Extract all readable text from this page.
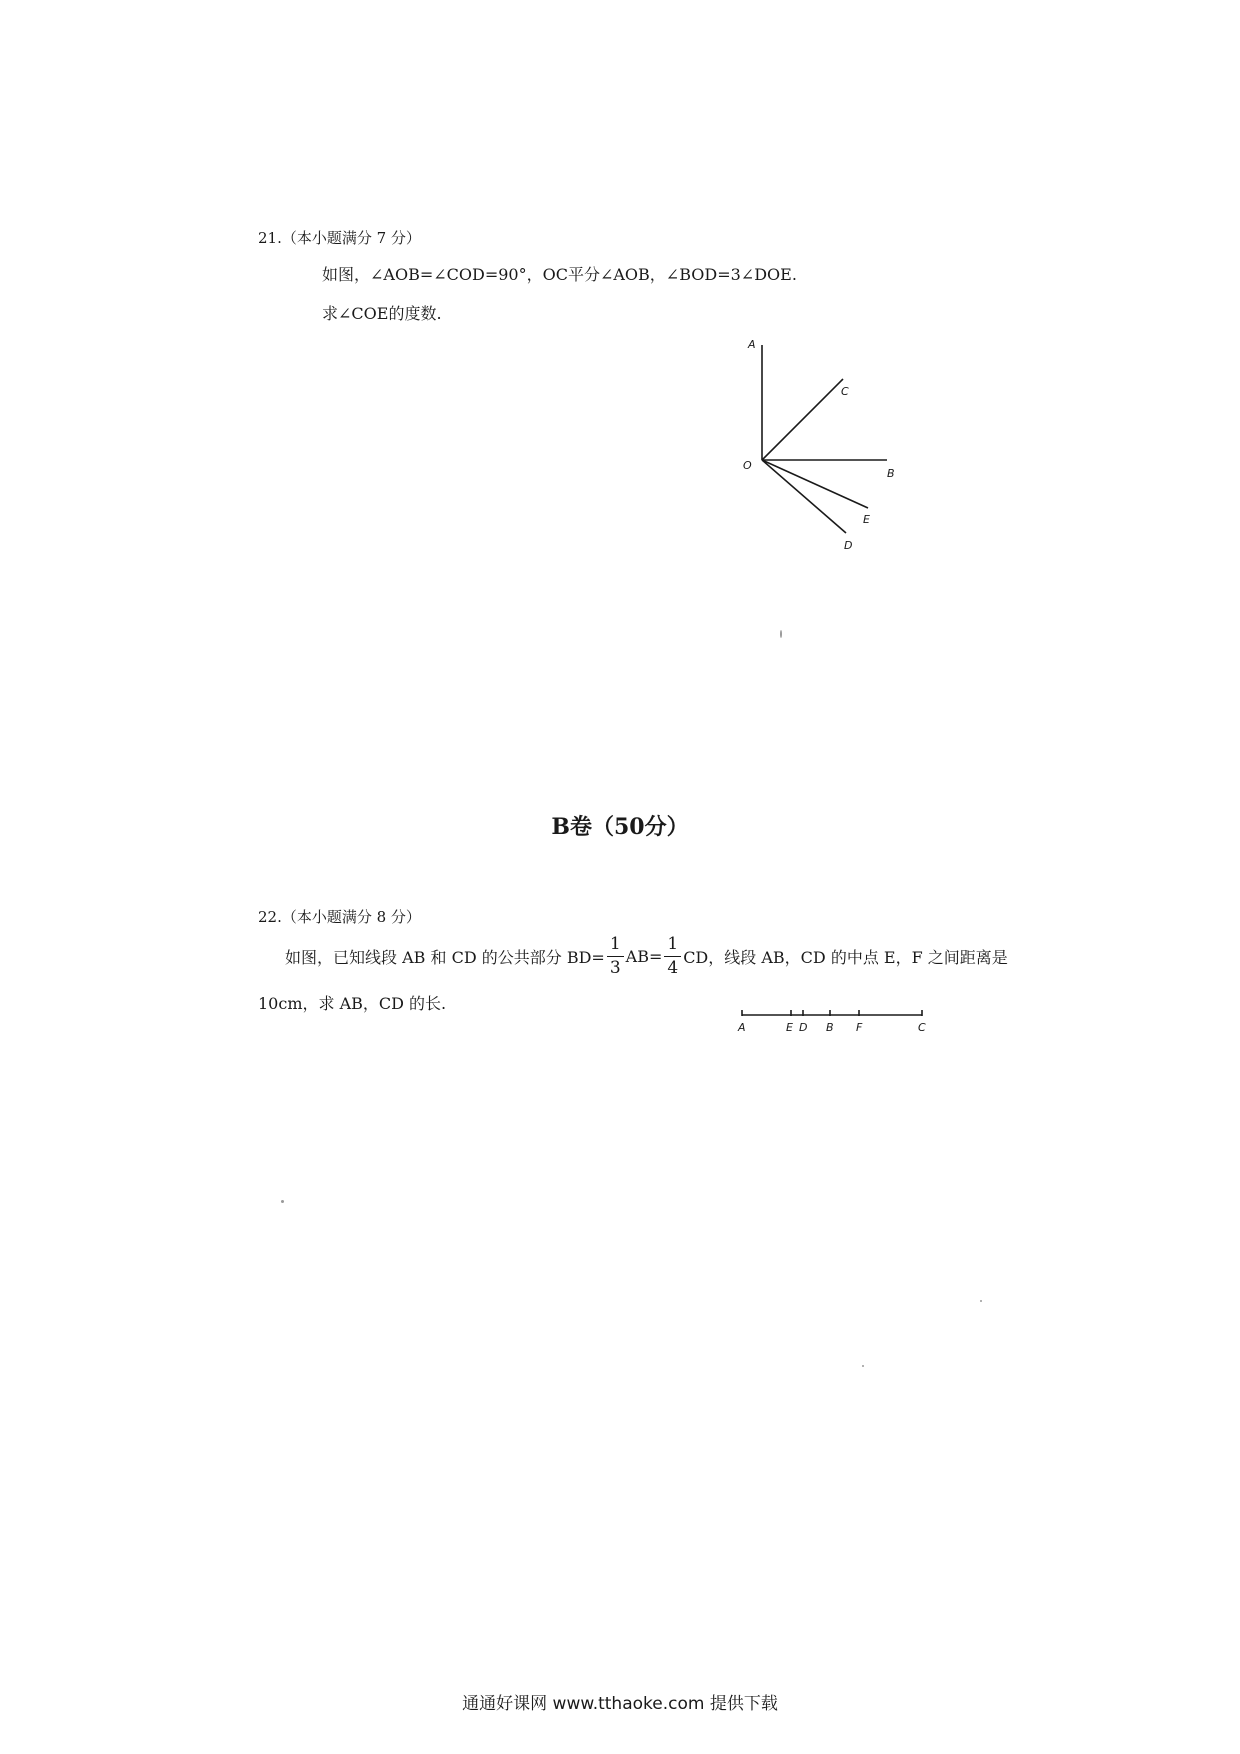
21.（本小题满分 7 分）
如图，∠AOB=∠COD=90°，OC平分∠AOB，∠BOD=3∠DOE.
求∠COE的度数.
A
C
O
B
E
D
B卷（50分）
22.（本小题满分 8 分）
如图，已知线段 AB 和 CD 的公共部分 $BD= \frac{1}{3} AB= \frac{1}{4}$ CD，线段 AB，CD 的中点 E，F 之间距离是
10cm，求 AB，CD 的长.
A	E D B F	C
通通好课网 www.tthaoke.com 提供下载
